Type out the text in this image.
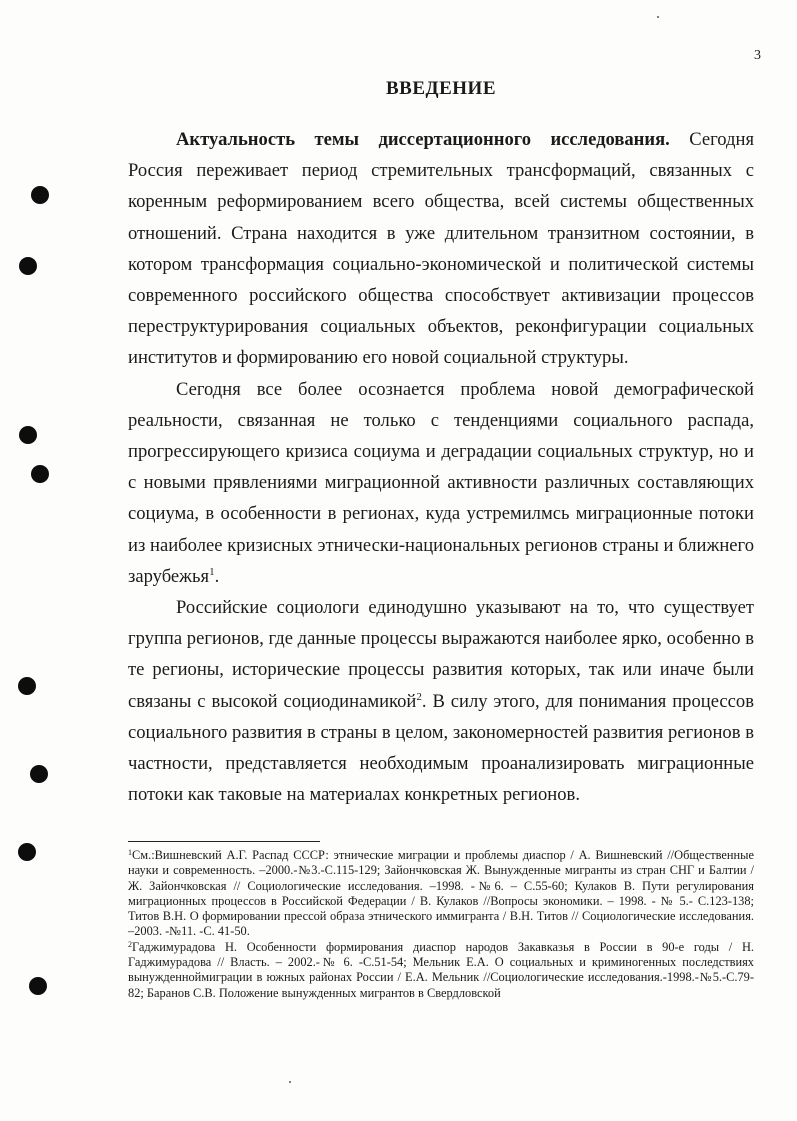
3
ВВЕДЕНИЕ

Актуальность темы диссертационного исследования. Сегодня Россия переживает период стремительных трансформаций, связанных с коренным реформированием всего общества, всей системы общественных отношений. Страна находится в уже длительном транзитном состоянии, в котором трансформация социально-экономической и политической системы современного российского общества способствует активизации процессов переструктурирования социальных объектов, реконфигурации социальных институтов и формированию его новой социальной структуры.

Сегодня все более осознается проблема новой демографической реальности, связанная не только с тенденциями социального распада, прогрессирующего кризиса социума и деградации социальных структур, но и с новыми прявлениями миграционной активности различных составляющих социума, в особенности в регионах, куда устремилмсь миграционные потоки из наиболее кризисных этнически-национальных регионов страны и ближнего зарубежья$^1$.

Российские социологи единодушно указывают на то, что существует группа регионов, где данные процессы выражаются наиболее ярко, особенно в те регионы, исторические процессы развития которых, так или иначе были связаны с высокой социодинамикой$^2$. В силу этого, для понимания процессов социального развития в страны в целом, закономерностей развития регионов в частности, представляется необходимым проанализировать миграционные потоки как таковые на материалах конкретных регионов.

$^1$См.:Вишневский А.Г. Распад СССР: этнические миграции и проблемы диаспор / А. Вишневский //Общественные науки и современность. –2000.-№3.-С.115-129; Зайончковская Ж. Вынужденные мигранты из стран СНГ и Балтии / Ж. Зайончковская // Социологические исследования. –1998. -№6. – С.55-60; Кулаков В. Пути регулирования миграционных процессов в Российской Федерации / В. Кулаков //Вопросы экономики. – 1998. - № 5.- С.123-138; Титов В.Н. О формировании прессой образа этнического иммигранта / В.Н. Титов // Социологические исследования. –2003. -№11. -С. 41-50.

$^2$Гаджимурадова Н. Особенности формирования диаспор народов Закавказья в России в 90-е годы / Н. Гаджимурадова // Власть. – 2002.-№ 6. -С.51-54; Мельник Е.А. О социальных и криминогенных последствиях вынужденноймиграции в южных районах России / Е.А. Мельник //Социологические исследования.-1998.-№5.-С.79-82; Баранов С.В. Положение вынужденных мигрантов в Свердловской
